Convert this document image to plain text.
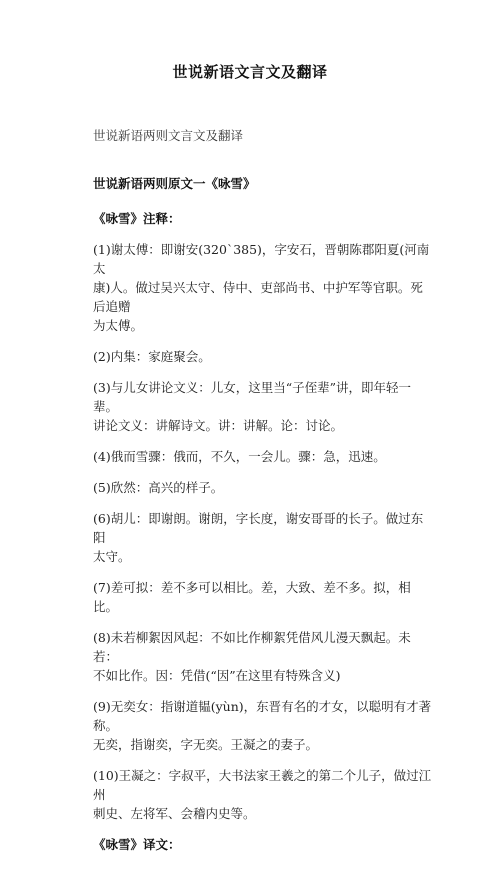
世说新语文言文及翻译
世说新语两则文言文及翻译

世说新语两则原文一《咏雪》

《咏雪》注释：

(1)谢太傅：即谢安(320`385)，字安石，晋朝陈郡阳夏(河南太
康)人。做过吴兴太守、侍中、吏部尚书、中护军等官职。死后追赠
为太傅。

(2)内集：家庭聚会。

(3)与儿女讲论文义：儿女，这里当“子侄辈”讲，即年轻一辈。
讲论文义：讲解诗文。讲：讲解。论：讨论。

(4)俄而雪骤：俄而，不久，一会儿。骤：急，迅速。

(5)欣然：高兴的样子。

(6)胡儿：即谢朗。谢朗，字长度，谢安哥哥的长子。做过东阳
太守。

(7)差可拟：差不多可以相比。差，大致、差不多。拟，相比。

(8)未若柳絮因风起：不如比作柳絮凭借风儿漫天飘起。未若：
不如比作。因：凭借(“因”在这里有特殊含义)

(9)无奕女：指谢道韫(yùn)，东晋有名的才女，以聪明有才著称。
无奕，指谢奕，字无奕。王凝之的妻子。

(10)王凝之：字叔平，大书法家王羲之的第二个儿子，做过江州
刺史、左将军、会稽内史等。

《咏雪》译文：
